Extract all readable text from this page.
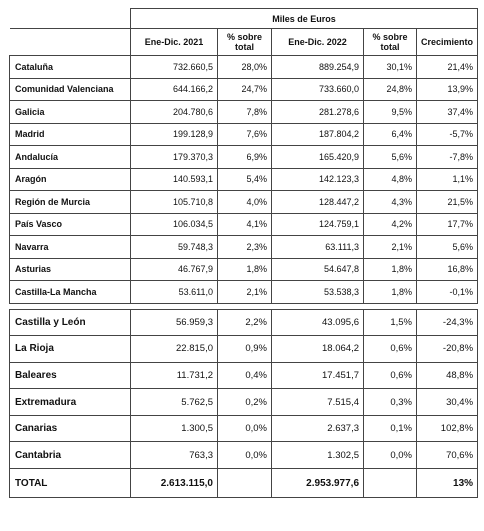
	Miles de Euros				
	Ene-Dic. 2021	% sobre total	Ene-Dic. 2022	% sobre total	Crecimiento
Cataluña	732.660,5	28,0%	889.254,9	30,1%	21,4%
Comunidad Valenciana	644.166,2	24,7%	733.660,0	24,8%	13,9%
Galicia	204.780,6	7,8%	281.278,6	9,5%	37,4%
Madrid	199.128,9	7,6%	187.804,2	6,4%	-5,7%
Andalucía	179.370,3	6,9%	165.420,9	5,6%	-7,8%
Aragón	140.593,1	5,4%	142.123,3	4,8%	1,1%
Región de Murcia	105.710,8	4,0%	128.447,2	4,3%	21,5%
País Vasco	106.034,5	4,1%	124.759,1	4,2%	17,7%
Navarra	59.748,3	2,3%	63.111,3	2,1%	5,6%
Asturias	46.767,9	1,8%	54.647,8	1,8%	16,8%
Castilla-La Mancha	53.611,0	2,1%	53.538,3	1,8%	-0,1%

Castilla y León	56.959,3	2,2%	43.095,6	1,5%	-24,3%
La Rioja	22.815,0	0,9%	18.064,2	0,6%	-20,8%
Baleares	11.731,2	0,4%	17.451,7	0,6%	48,8%
Extremadura	5.762,5	0,2%	7.515,4	0,3%	30,4%
Canarias	1.300,5	0,0%	2.637,3	0,1%	102,8%
Cantabria	763,3	0,0%	1.302,5	0,0%	70,6%
TOTAL	2.613.115,0		2.953.977,6		13%
